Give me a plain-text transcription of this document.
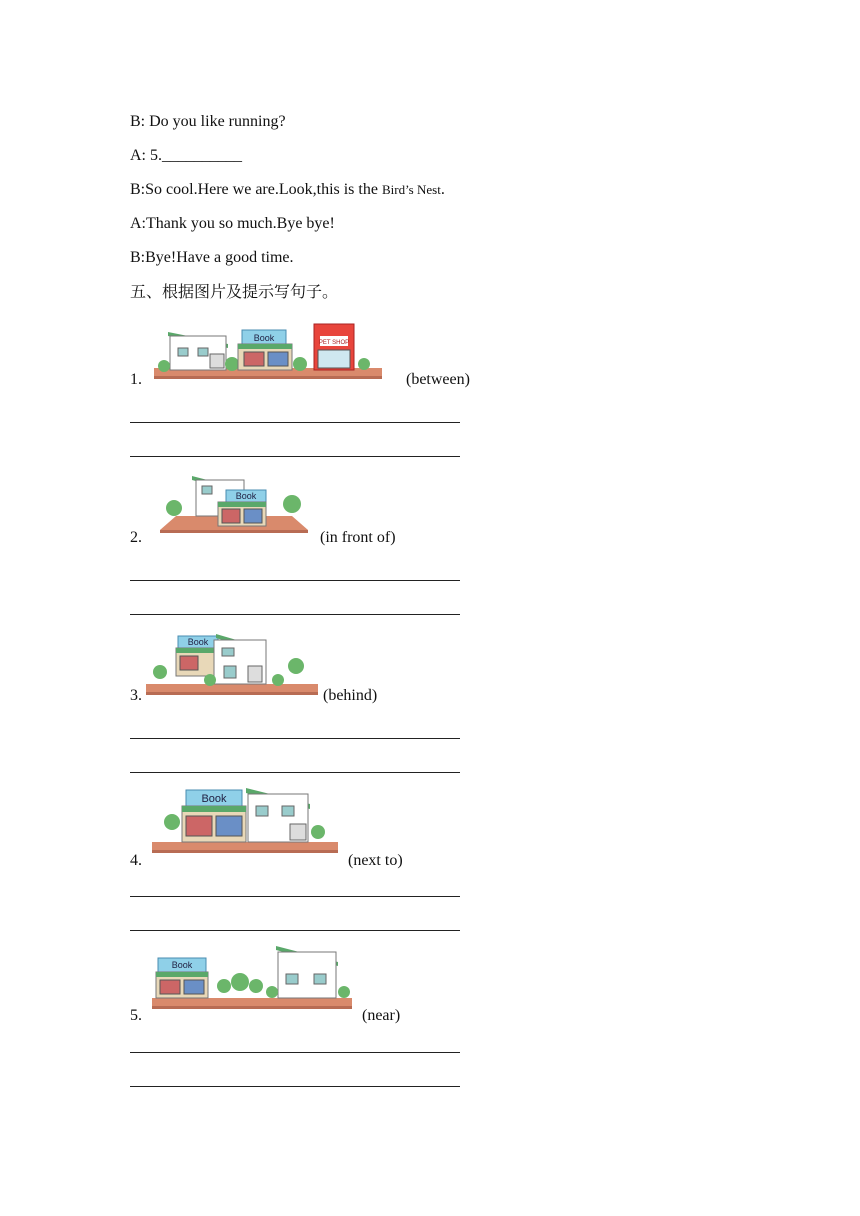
B: Do you like running?
A: 5.__________
B:So cool.Here we are.Look,this is the Bird’s Nest.
A:Thank you so much.Bye bye!
B:Bye!Have a good time.
五、根据图片及提示写句子。
1.
Book	PET SHOP
(between)
2.
Book
(in front of)
3.
Book
(behind)
4.
Book
(next to)
5.
Book
(near)
